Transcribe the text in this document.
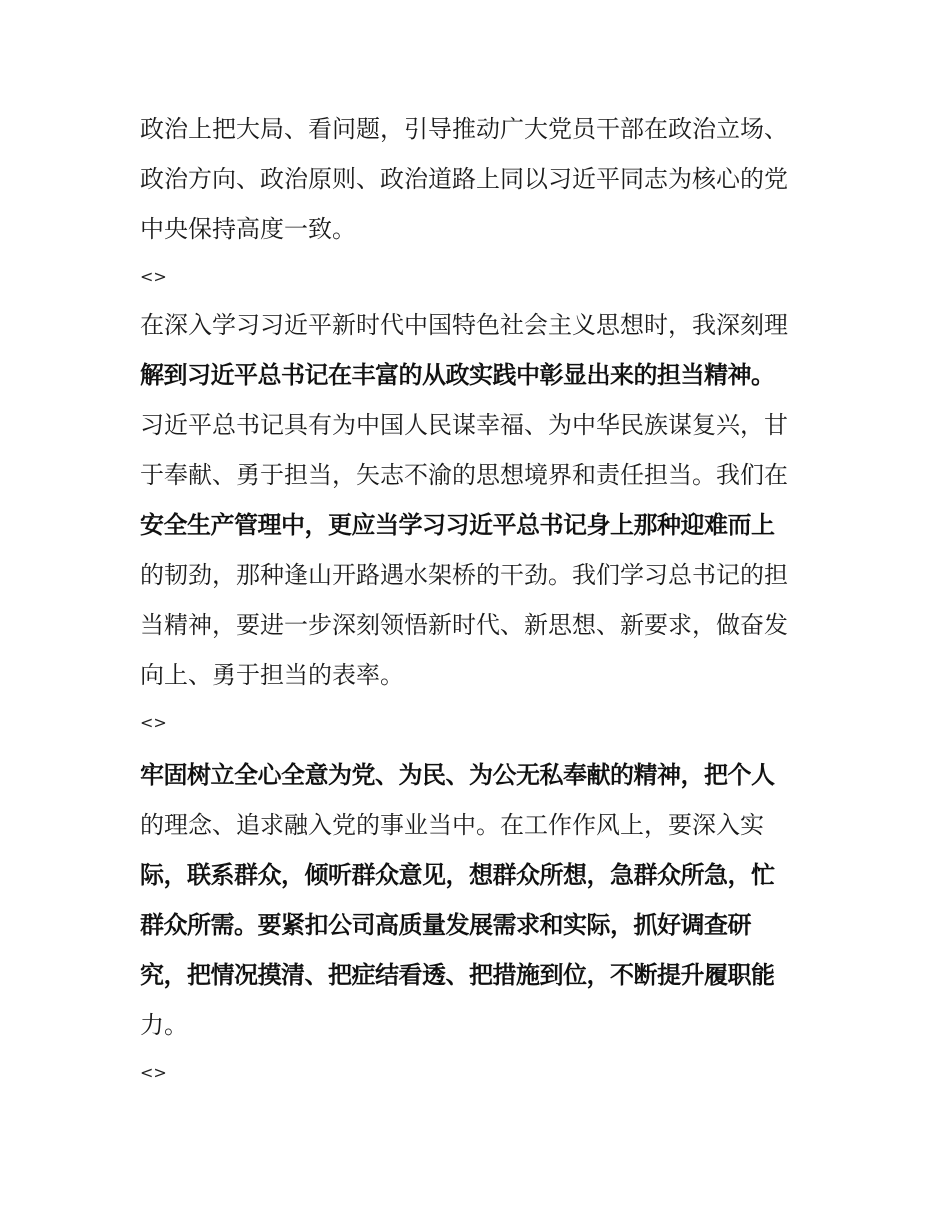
政治上把大局、看问题，引导推动广大党员干部在政治立场、
政治方向、政治原则、政治道路上同以习近平同志为核心的党
中央保持高度一致。
<>
在深入学习习近平新时代中国特色社会主义思想时，我深刻理
解到习近平总书记在丰富的从政实践中彰显出来的担当精神。
习近平总书记具有为中国人民谋幸福、为中华民族谋复兴，甘
于奉献、勇于担当，矢志不渝的思想境界和责任担当。我们在
安全生产管理中，更应当学习习近平总书记身上那种迎难而上
的韧劲，那种逢山开路遇水架桥的干劲。我们学习总书记的担
当精神，要进一步深刻领悟新时代、新思想、新要求，做奋发
向上、勇于担当的表率。
<>
牢固树立全心全意为党、为民、为公无私奉献的精神，把个人
的理念、追求融入党的事业当中。在工作作风上，要深入实
际，联系群众，倾听群众意见，想群众所想，急群众所急，忙
群众所需。要紧扣公司高质量发展需求和实际，抓好调查研
究，把情况摸清、把症结看透、把措施到位，不断提升履职能
力。
<>
